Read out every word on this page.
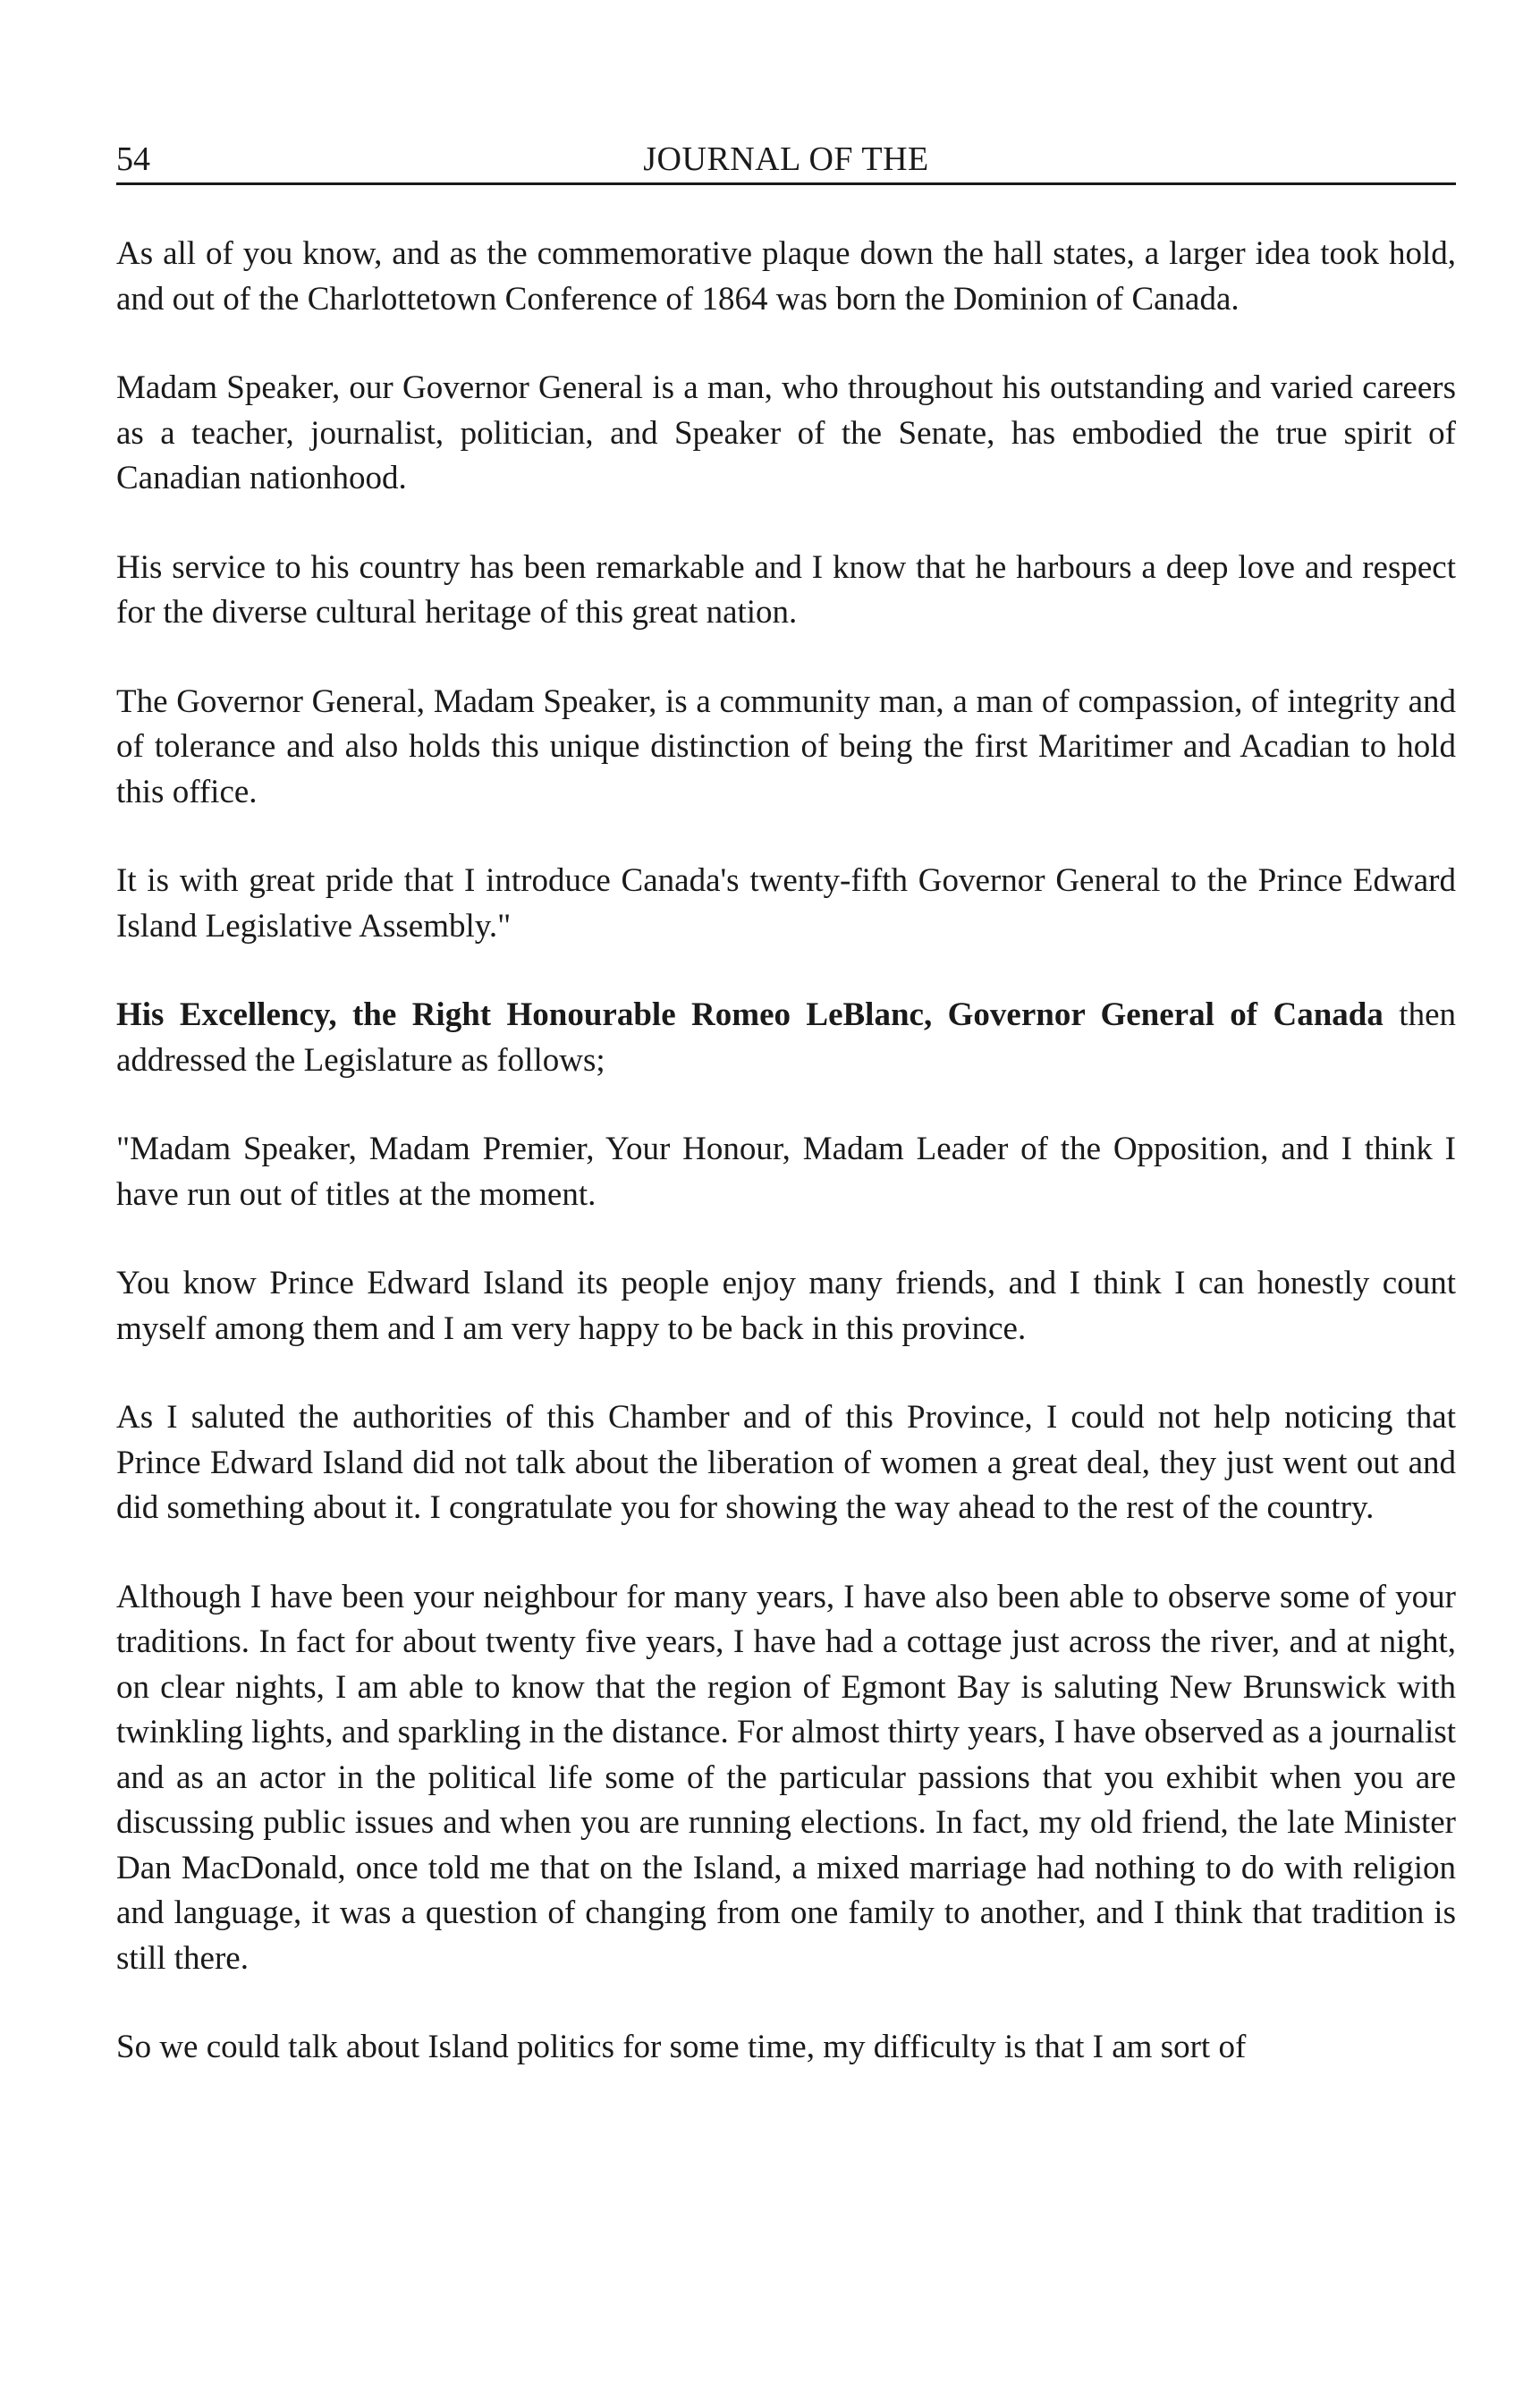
54	JOURNAL OF THE

As all of you know, and as the commemorative plaque down the hall states, a larger idea took hold, and out of the Charlottetown Conference of 1864 was born the Dominion of Canada.

Madam Speaker, our Governor General is a man, who throughout his outstanding and varied careers as a teacher, journalist, politician, and Speaker of the Senate, has embodied the true spirit of Canadian nationhood.

His service to his country has been remarkable and I know that he harbours a deep love and respect for the diverse cultural heritage of this great nation.

The Governor General, Madam Speaker, is a community man, a man of compassion, of integrity and of tolerance and also holds this unique distinction of being the first Maritimer and Acadian to hold this office.

It is with great pride that I introduce Canada's twenty-fifth Governor General to the Prince Edward Island Legislative Assembly."

His Excellency, the Right Honourable Romeo LeBlanc, Governor General of Canada then addressed the Legislature as follows;

"Madam Speaker, Madam Premier, Your Honour, Madam Leader of the Opposition, and I think I have run out of titles at the moment.

You know Prince Edward Island its people enjoy many friends, and I think I can honestly count myself among them and I am very happy to be back in this province.

As I saluted the authorities of this Chamber and of this Province, I could not help noticing that Prince Edward Island did not talk about the liberation of women a great deal, they just went out and did something about it. I congratulate you for showing the way ahead to the rest of the country.

Although I have been your neighbour for many years, I have also been able to observe some of your traditions. In fact for about twenty five years, I have had a cottage just across the river, and at night, on clear nights, I am able to know that the region of Egmont Bay is saluting New Brunswick with twinkling lights, and sparkling in the distance. For almost thirty years, I have observed as a journalist and as an actor in the political life some of the particular passions that you exhibit when you are discussing public issues and when you are running elections. In fact, my old friend, the late Minister Dan MacDonald, once told me that on the Island, a mixed marriage had nothing to do with religion and language, it was a question of changing from one family to another, and I think that tradition is still there.

So we could talk about Island politics for some time, my difficulty is that I am sort of
